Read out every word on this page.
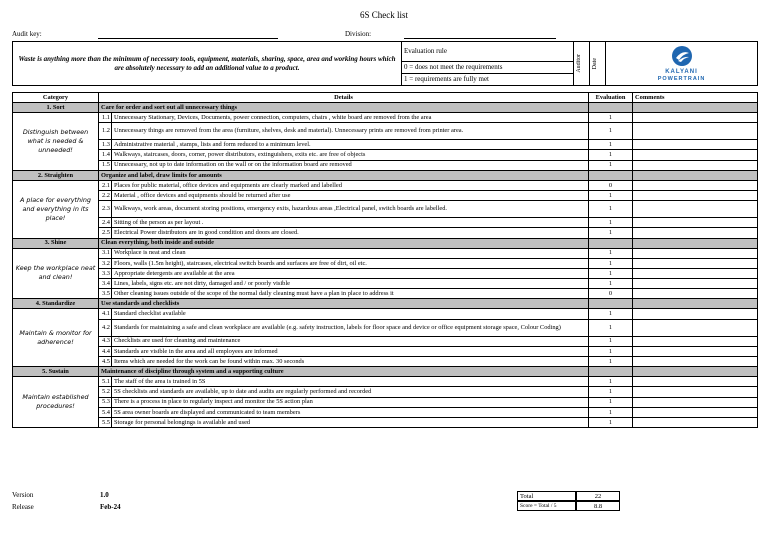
6S Check list
Audit key:	Division:
Waste is anything more than the minimum of necessary tools, equipment, materials, sharing, space, area and working hours which are absolutely necessary to add an additional value to a product.	Evaluation rule	
Auditor	Date

KALYANI
POWERTRAIN

0 = does not meet the requirements
1 = requirements are fully met
Category	Details		Evaluation	Comments
1. Sort	Care for order and sort out all unnecessary things			
Distinguish between what is needed & unneeded!	1.1	Unnecessary Stationary, Devices, Documents, power connection, computers, chairs , white board are removed from the area	1	
	1.2	Unnecessary things are removed from the area (furniture, shelves, desk and material). Unnecessary prints are removed from printer area.	1	
	1.3	Administrative material , stamps, lists and form reduced to a minimum level.	1	
	1.4	Walkways, staircases, doors, corner, power distributors, extinguishers, exits etc. are free of objects	1	
	1.5	Unnecessary, not up to date information on the wall or on the information board are removed	1	
2. Straighten	Organize and label, draw limits for amounts			
A place for everything and everything in its place!	2.1	Places for public material, office devices and equipments are clearly marked and labelled	0	
	2.2	Material , office devices and equipments should be returned after use	1	
	2.3	Walkways, work areas, document storing positions, emergency exits, hazardous areas ,Electrical panel, switch boards are labelled.	1	
	2.4	Sitting of the person as per layout .	1	
	2.5	Electrical Power distributors are in good condition and doors are closed.	1	
3. Shine	Clean everything, both inside and outside			
Keep the workplace neat and clean!	3.1	Workplace is neat and clean	1	
	3.2	Floors, walls (1.5m height), staircases, electrical switch boards and surfaces are free of dirt, oil etc.	1	
	3.3	Appropriate detergents are available at the area	1	
	3.4	Lines, labels, signs etc. are not dirty, damaged and / or poorly visible	1	
	3.5	Other cleaning issues outside of the scope of the normal daily cleaning must have a plan in place to address it	0	
4. Standardize	Use standards and checklists			
Maintain & monitor for adherence!	4.1	Standard checklist available	1	
	4.2	Standards for maintaining a safe and clean workplace are available (e.g. safety instruction, labels for floor space and device or office equipment storage space, Colour Coding)	1	
	4.3	Checklists are used for cleaning and maintenance	1	
	4.4	Standards are visible in the area and all employees are informed	1	
	4.5	Items which are needed for the work can be found within max. 30 seconds	1	
5. Sustain	Maintenance of discipline through system and a supporting culture			
Maintain established procedures!	5.1	The staff of the area is trained in 5S	1	
	5.2	5S checklists and standards are available, up to date and audits are regularly performed and recorded	1	
	5.3	There is a process in place to regularly inspect and monitor the 5S action plan	1	
	5.4	5S area owner boards are displayed and communicated to team members	1	
	5.5	Storage for personal belongings is available and used	1	
Version	1.0
Release	Feb-24
Total	22
Score = Total / 5	8.8
